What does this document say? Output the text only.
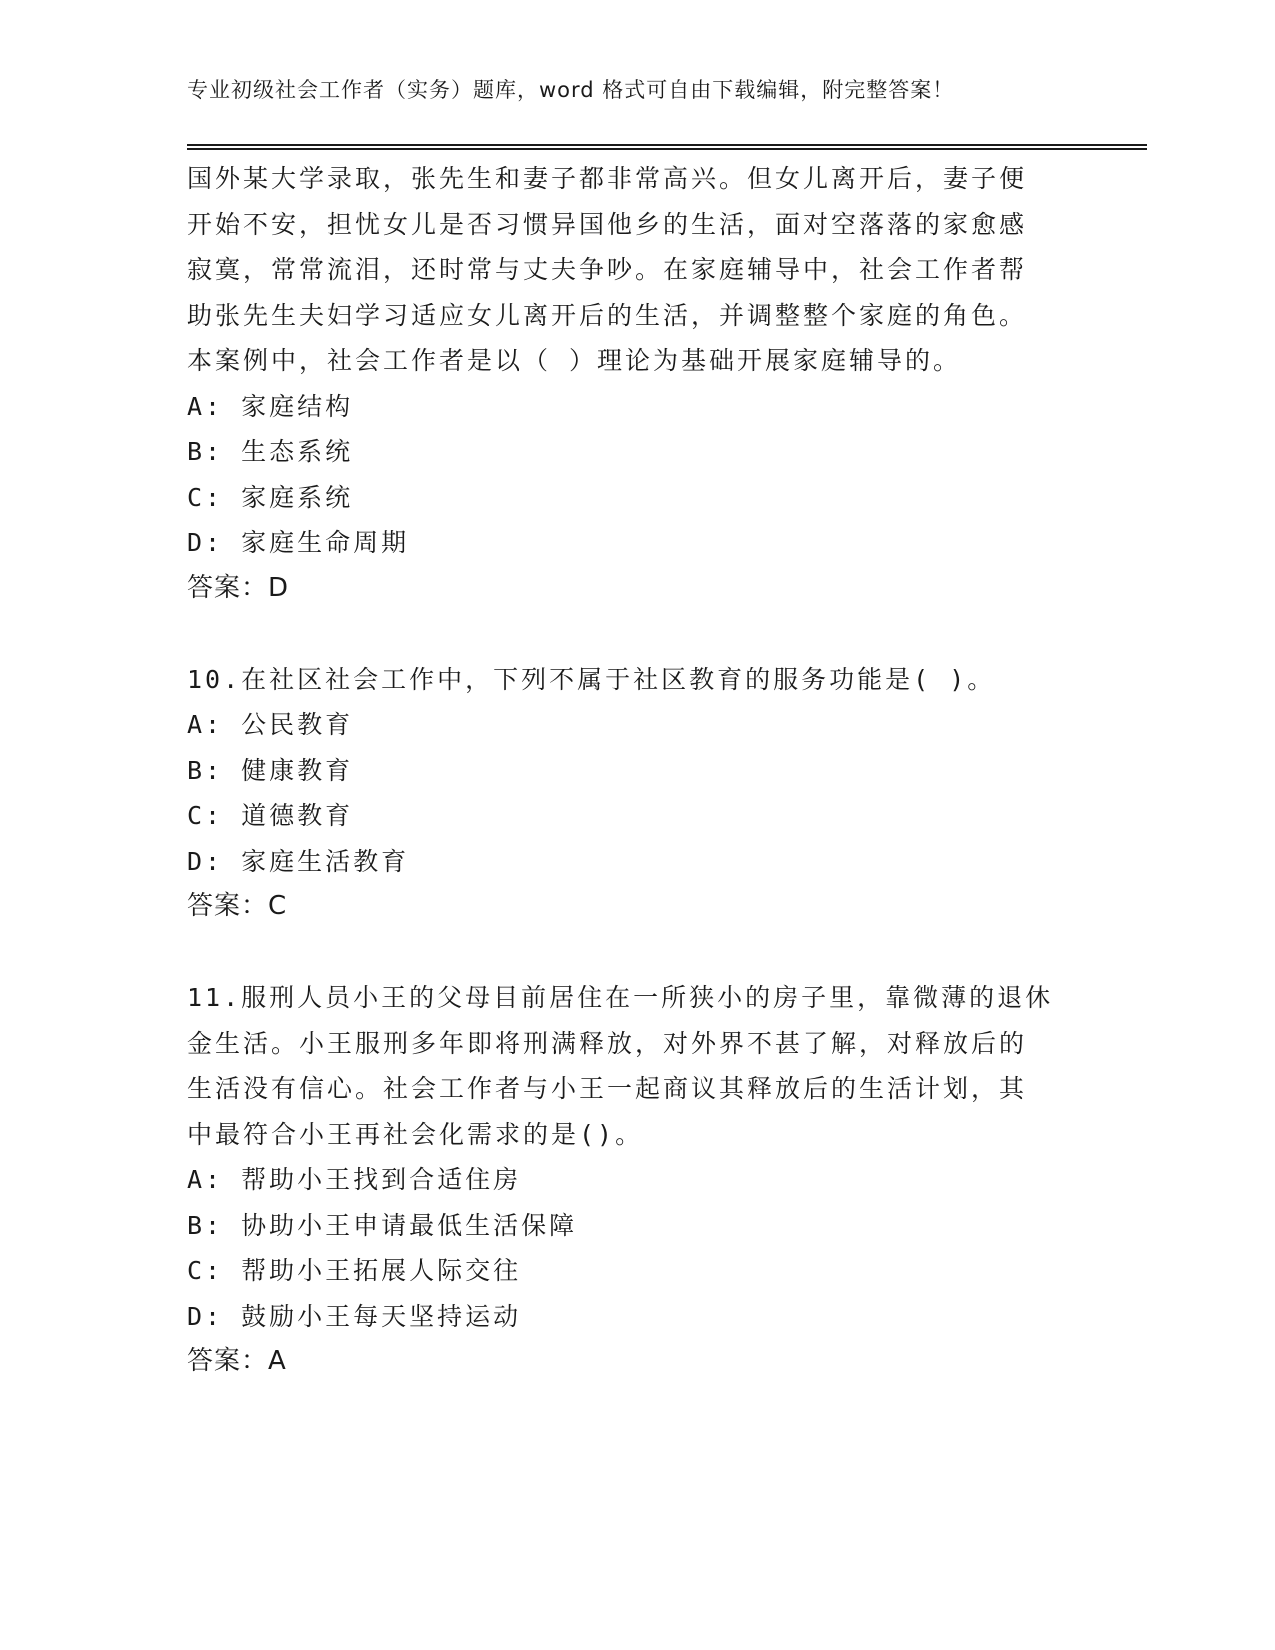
专业初级社会工作者（实务）题库，word 格式可自由下载编辑，附完整答案！
国外某大学录取，张先生和妻子都非常高兴。但女儿离开后，妻子便
开始不安，担忧女儿是否习惯异国他乡的生活，面对空落落的家愈感
寂寞，常常流泪，还时常与丈夫争吵。在家庭辅导中，社会工作者帮
助张先生夫妇学习适应女儿离开后的生活，并调整整个家庭的角色。
本案例中，社会工作者是以（ ）理论为基础开展家庭辅导的。
A: 家庭结构
B: 生态系统
C: 家庭系统
D: 家庭生命周期
答案：D
10.在社区社会工作中，下列不属于社区教育的服务功能是( )。
A: 公民教育
B: 健康教育
C: 道德教育
D: 家庭生活教育
答案：C
11.服刑人员小王的父母目前居住在一所狭小的房子里，靠微薄的退休
金生活。小王服刑多年即将刑满释放，对外界不甚了解，对释放后的
生活没有信心。社会工作者与小王一起商议其释放后的生活计划，其
中最符合小王再社会化需求的是()。
A: 帮助小王找到合适住房
B: 协助小王申请最低生活保障
C: 帮助小王拓展人际交往
D: 鼓励小王每天坚持运动
答案：A
